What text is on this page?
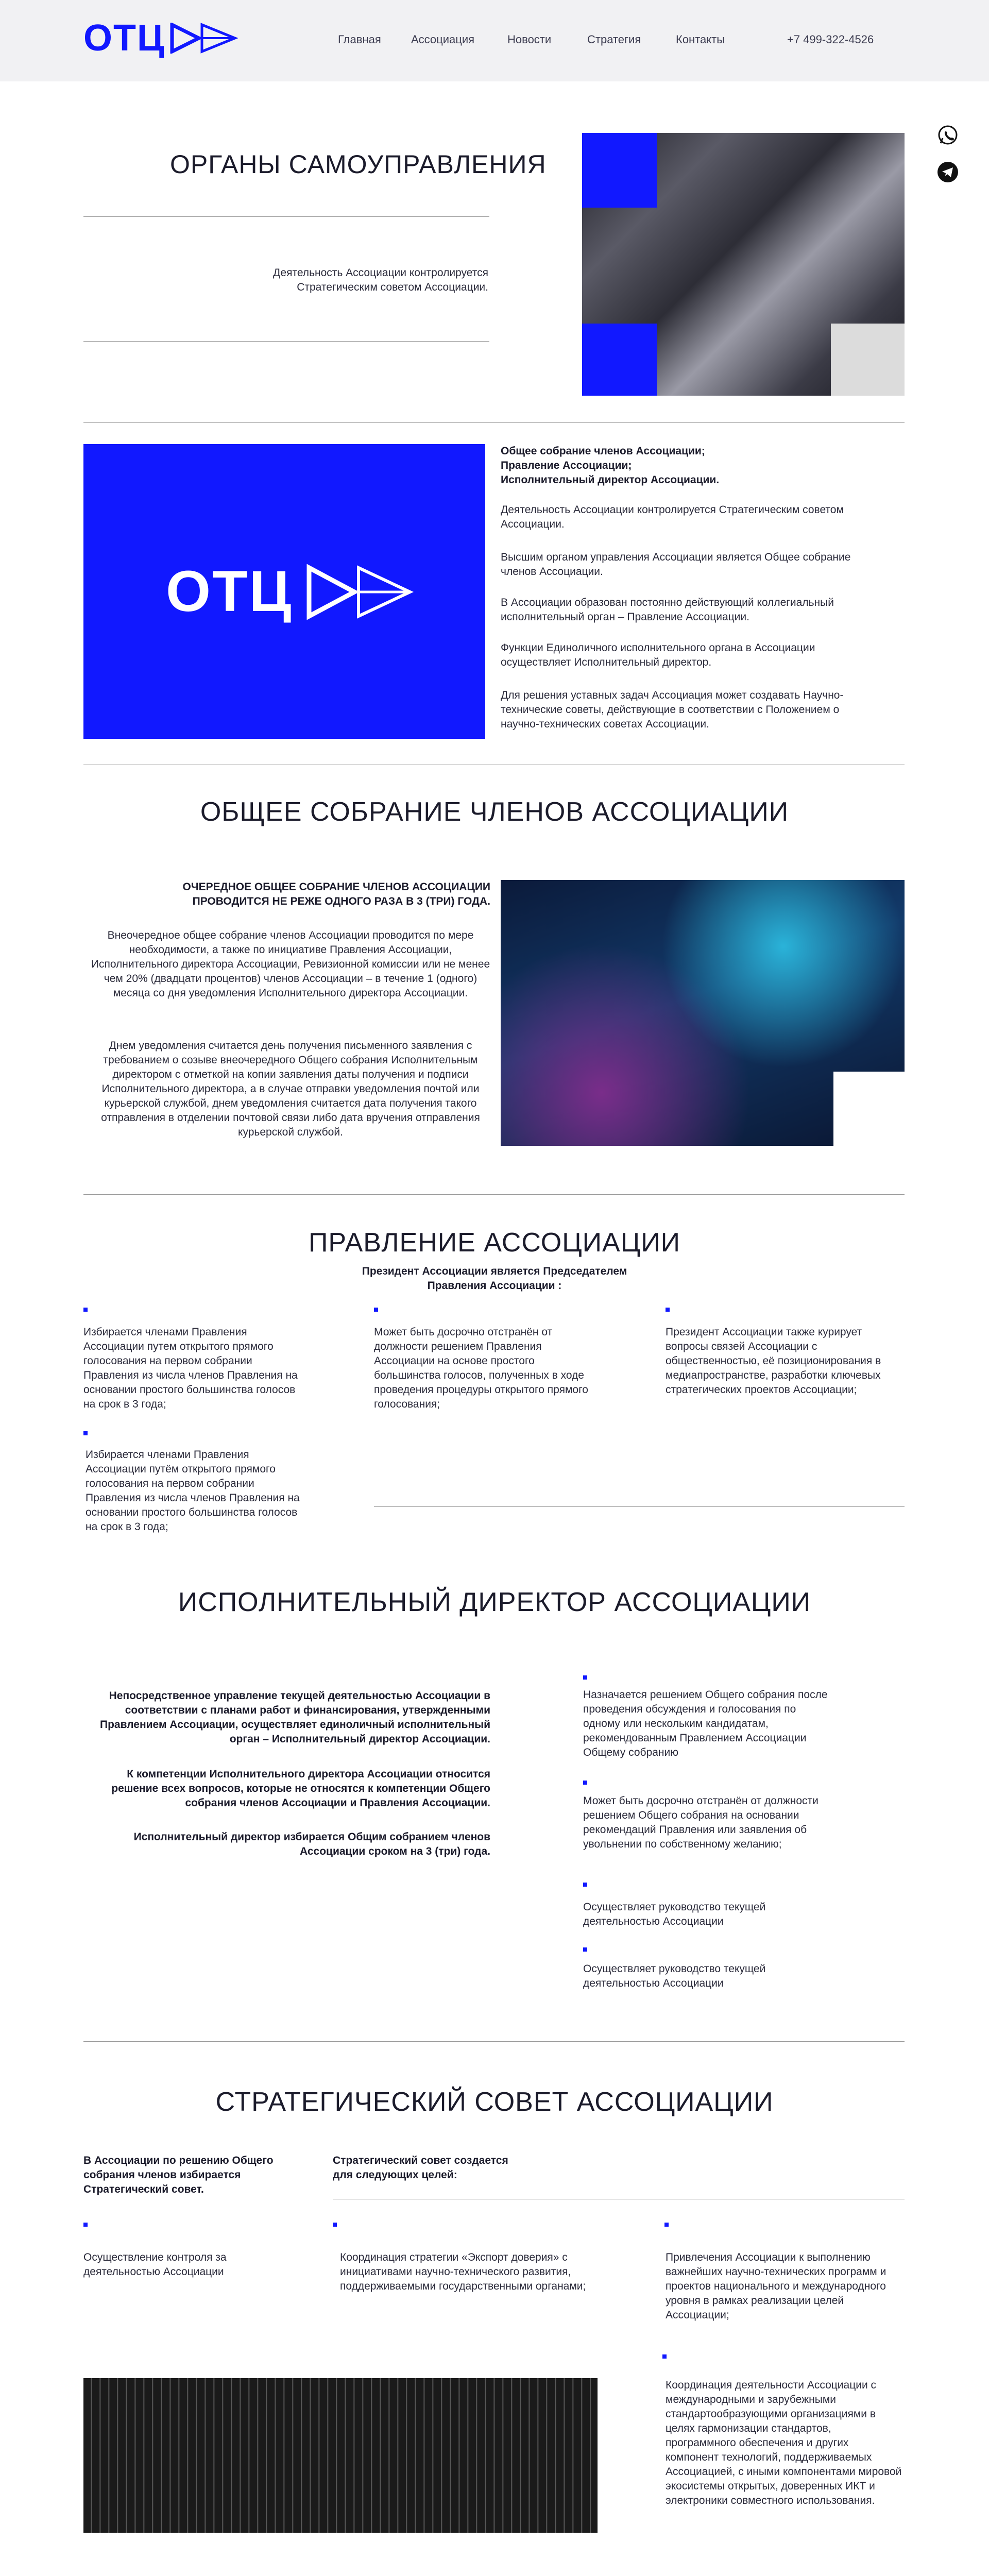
ОТЦ	Главная	Ассоциация	Новости	Стратегия	Контакты	+7 499-322-4526
ОРГАНЫ САМОУПРАВЛЕНИЯ
Деятельность Ассоциации контролируется
Стратегическим советом Ассоциации.
ОТЦ
Общее собрание членов Ассоциации;
Правление Ассоциации;
Исполнительный директор Ассоциации.
Деятельность Ассоциации контролируется Стратегическим советом Ассоциации.
Высшим органом управления Ассоциации является Общее собрание членов Ассоциации.
В Ассоциации образован постоянно действующий коллегиальный исполнительный орган – Правление Ассоциации.
Функции Единоличного исполнительного органа в Ассоциации осуществляет Исполнительный директор.
Для решения уставных задач Ассоциация может создавать Научно-технические советы, действующие в соответствии с Положением о научно-технических советах Ассоциации.
ОБЩЕЕ СОБРАНИЕ ЧЛЕНОВ АССОЦИАЦИИ
ОЧЕРЕДНОЕ ОБЩЕЕ СОБРАНИЕ ЧЛЕНОВ АССОЦИАЦИИ
ПРОВОДИТСЯ НЕ РЕЖЕ ОДНОГО РАЗА В 3 (ТРИ) ГОДА.
Внеочередное общее собрание членов Ассоциации проводится по мере необходимости, а также по инициативе Правления Ассоциации, Исполнительного директора Ассоциации, Ревизионной комиссии или не менее чем 20% (двадцати процентов) членов Ассоциации – в течение 1 (одного) месяца со дня уведомления Исполнительного директора Ассоциации.
Днем уведомления считается день получения письменного заявления с требованием о созыве внеочередного Общего собрания Исполнительным директором с отметкой на копии заявления даты получения и подписи Исполнительного директора, а в случае отправки уведомления почтой или курьерской службой, днем уведомления считается дата получения такого отправления в отделении почтовой связи либо дата вручения отправления курьерской службой.
ПРАВЛЕНИЕ АССОЦИАЦИИ
Президент Ассоциации является Председателем
Правления Ассоциации :
Избирается членами Правления Ассоциации путем открытого прямого голосования на первом собрании Правления из числа членов Правления на основании простого большинства голосов на срок в 3 года;
Может быть досрочно отстранён от должности решением Правления Ассоциации на основе простого большинства голосов, полученных в ходе проведения процедуры открытого прямого голосования;
Президент Ассоциации также курирует вопросы связей Ассоциации с общественностью, её позиционирования в медиапространстве, разработки ключевых стратегических проектов Ассоциации;
Избирается членами Правления Ассоциации путём открытого прямого голосования на первом собрании Правления из числа членов Правления на основании простого большинства голосов на срок в 3 года;
ИСПОЛНИТЕЛЬНЫЙ ДИРЕКТОР АССОЦИАЦИИ
Непосредственное управление текущей деятельностью Ассоциации в соответствии с планами работ и финансирования, утвержденными Правлением Ассоциации, осуществляет единоличный исполнительный орган – Исполнительный директор Ассоциации.
К компетенции Исполнительного директора Ассоциации относится решение всех вопросов, которые не относятся к компетенции Общего собрания членов Ассоциации и Правления Ассоциации.
Исполнительный директор избирается Общим собранием членов Ассоциации сроком на 3 (три) года.
Назначается решением Общего собрания после проведения обсуждения и голосования по одному или нескольким кандидатам, рекомендованным Правлением Ассоциации Общему собранию
Может быть досрочно отстранён от должности решением Общего собрания на основании рекомендаций Правления или заявления об увольнении по собственному желанию;
Осуществляет руководство текущей деятельностью Ассоциации
Осуществляет руководство текущей деятельностью Ассоциации
СТРАТЕГИЧЕСКИЙ СОВЕТ АССОЦИАЦИИ
В Ассоциации по решению Общего собрания членов избирается Стратегический совет.
Стратегический совет создается для следующих целей:
Осуществление контроля за деятельностью Ассоциации
Координация стратегии «Экспорт доверия» с инициативами научно-технического развития, поддерживаемыми государственными органами;
Привлечения Ассоциации к выполнению важнейших научно-технических программ и проектов национального и международного уровня в рамках реализации целей Ассоциации;
Координация деятельности Ассоциации с международными и зарубежными стандартообразующими организациями в целях гармонизации стандартов, программного обеспечения и других компонент технологий, поддерживаемых Ассоциацией, с иными компонентами мировой экосистемы открытых, доверенных ИКТ и электроники совместного использования.
